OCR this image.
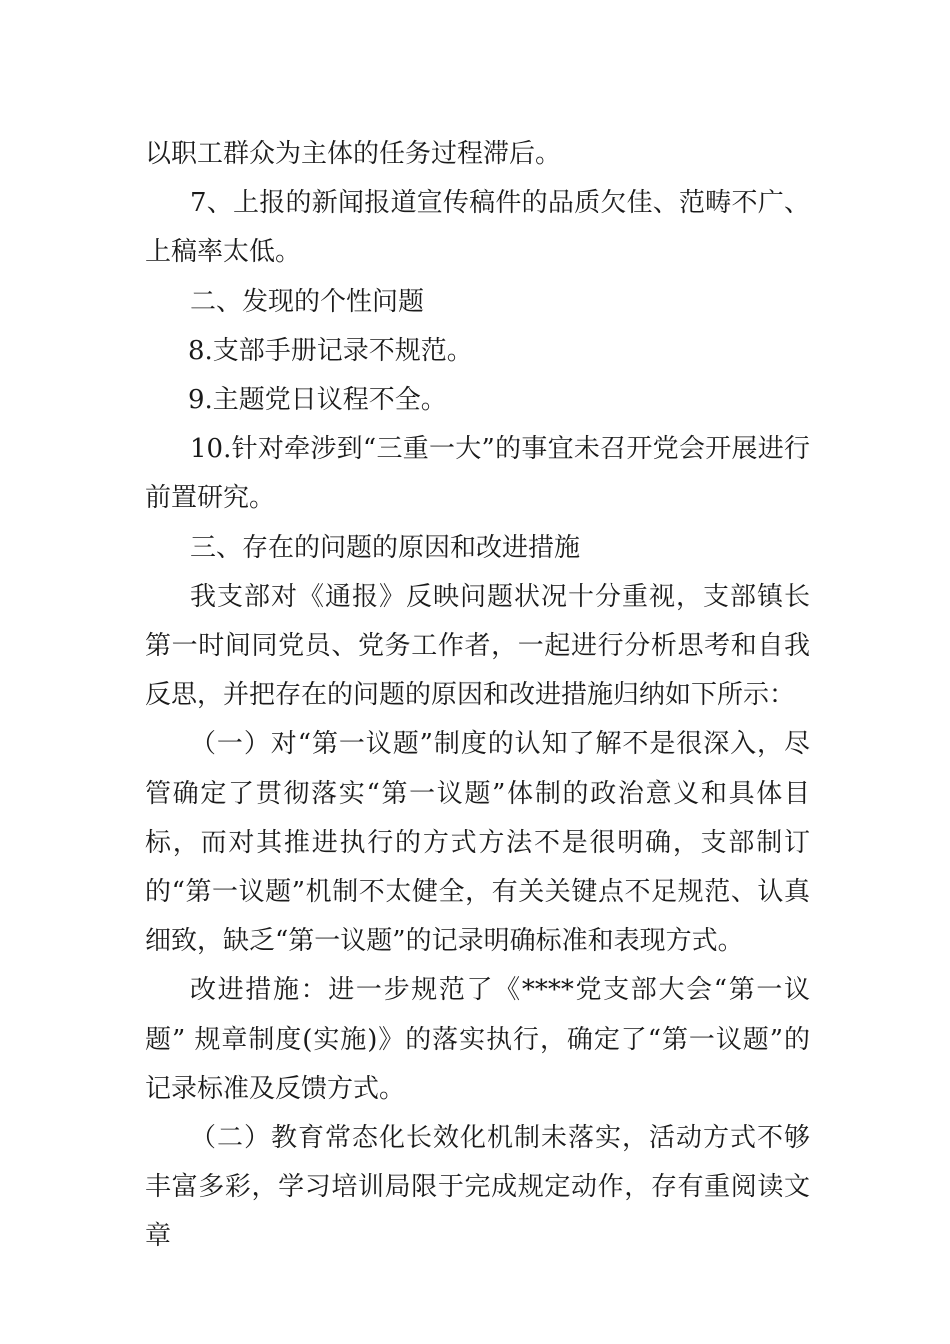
以职工群众为主体的任务过程滞后。

7、上报的新闻报道宣传稿件的品质欠佳、范畴不广、上稿率太低。

二、发现的个性问题

8.支部手册记录不规范。

9.主题党日议程不全。

10.针对牵涉到“三重一大”的事宜未召开党会开展进行前置研究。

三、存在的问题的原因和改进措施

我支部对《通报》反映问题状况十分重视，支部镇长第一时间同党员、党务工作者，一起进行分析思考和自我反思，并把存在的问题的原因和改进措施归纳如下所示：

（一）对“第一议题”制度的认知了解不是很深入，尽管确定了贯彻落实“第一议题”体制的政治意义和具体目标，而对其推进执行的方式方法不是很明确，支部制订的“第一议题”机制不太健全，有关关键点不足规范、认真细致，缺乏“第一议题”的记录明确标准和表现方式。

改进措施：进一步规范了《****党支部大会“第一议题” 规章制度(实施)》的落实执行，确定了“第一议题”的记录标准及反馈方式。

（二）教育常态化长效化机制未落实，活动方式不够丰富多彩，学习培训局限于完成规定动作，存有重阅读文章
